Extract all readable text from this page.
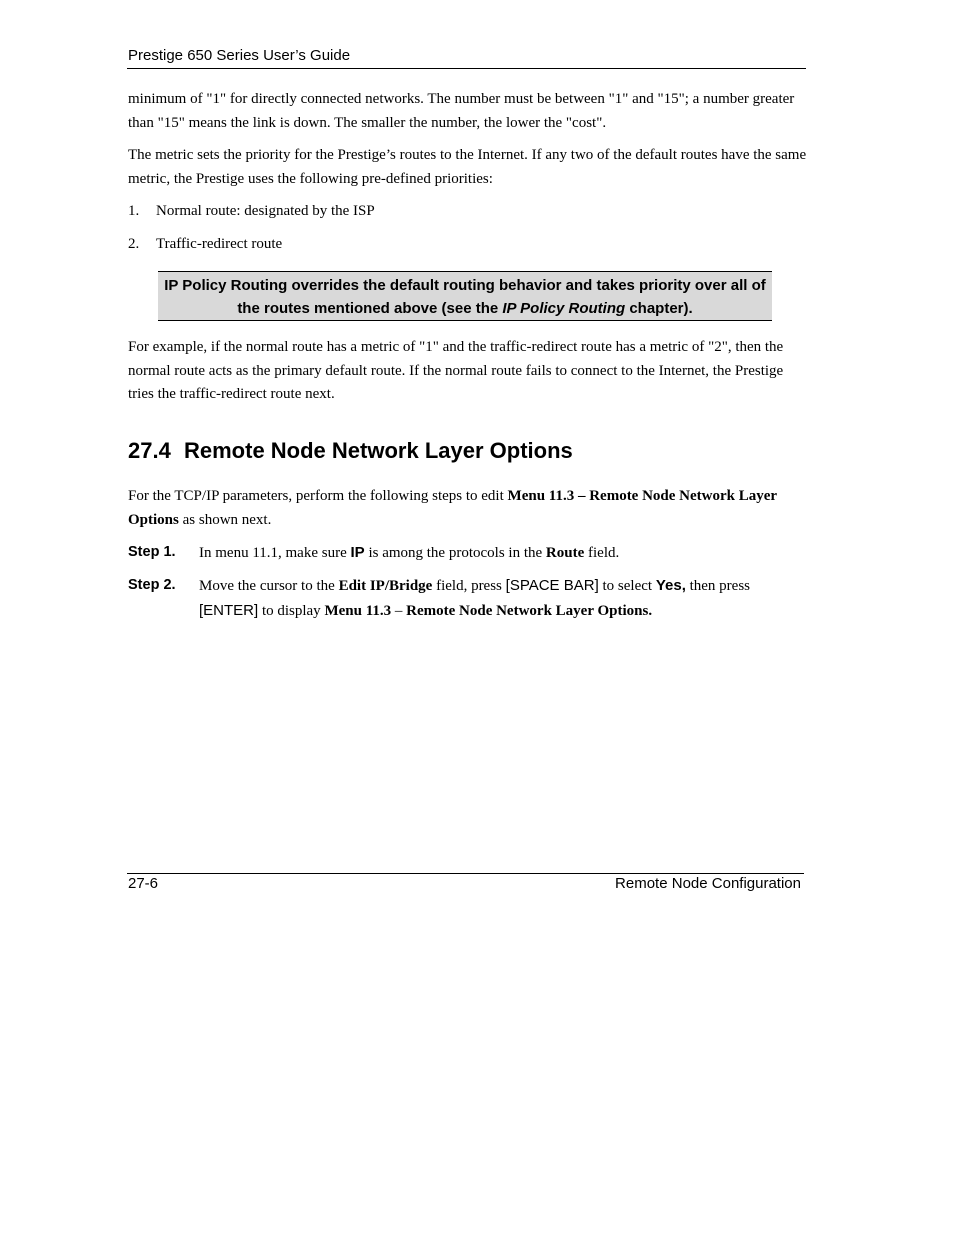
Prestige 650 Series User’s Guide
minimum of "1" for directly connected networks. The number must be between "1" and "15"; a number greater than "15" means the link is down. The smaller the number, the lower the "cost".
The metric sets the priority for the Prestige’s routes to the Internet. If any two of the default routes have the same metric, the Prestige uses the following pre-defined priorities:
1. Normal route: designated by the ISP
2. Traffic-redirect route
IP Policy Routing overrides the default routing behavior and takes priority over all of the routes mentioned above (see the IP Policy Routing chapter).
For example, if the normal route has a metric of "1" and the traffic-redirect route has a metric of "2", then the normal route acts as the primary default route. If the normal route fails to connect to the Internet, the Prestige tries the traffic-redirect route next.
27.4 Remote Node Network Layer Options
For the TCP/IP parameters, perform the following steps to edit Menu 11.3 – Remote Node Network Layer Options as shown next.
Step 1. In menu 11.1, make sure IP is among the protocols in the Route field.
Step 2. Move the cursor to the Edit IP/Bridge field, press [SPACE BAR] to select Yes, then press [ENTER] to display Menu 11.3 – Remote Node Network Layer Options.
27-6	Remote Node Configuration
